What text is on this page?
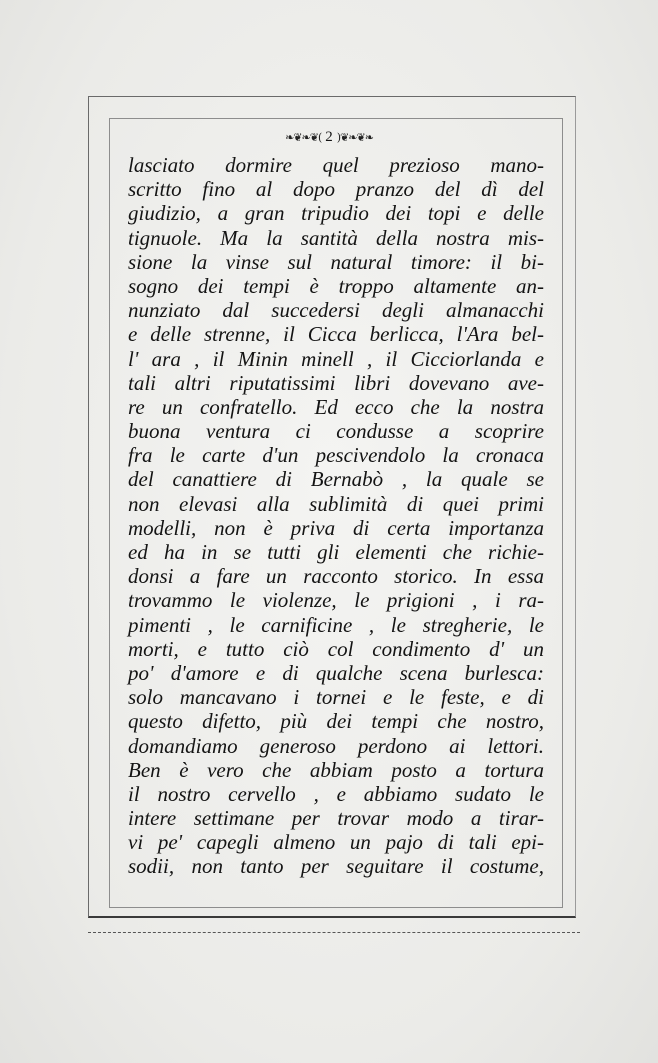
❧❦❧❦( 2 )❦❧❦❧
lasciato dormire quel prezioso mano-
scritto fino al dopo pranzo del dì del
giudizio, a gran tripudio dei topi e delle
tignuole. Ma la santità della nostra mis-
sione la vinse sul natural timore: il bi-
sogno dei tempi è troppo altamente an-
nunziato dal succedersi degli almanacchi
e delle strenne, il Cicca berlicca, l'Ara bel-
l' ara , il Minin minell , il Cicciorlanda e
tali altri riputatissimi libri dovevano ave-
re un confratello. Ed ecco che la nostra
buona ventura ci condusse a scoprire
fra le carte d'un pescivendolo la cronaca
del canattiere di Bernabò , la quale se
non elevasi alla sublimità di quei primi
modelli, non è priva di certa importanza
ed ha in se tutti gli elementi che richie-
donsi a fare un racconto storico. In essa
trovammo le violenze, le prigioni , i ra-
pimenti , le carnificine , le stregherie, le
morti, e tutto ciò col condimento d' un
po' d'amore e di qualche scena burlesca:
solo mancavano i tornei e le feste, e di
questo difetto, più dei tempi che nostro,
domandiamo generoso perdono ai lettori.
Ben è vero che abbiam posto a tortura
il nostro cervello , e abbiamo sudato le
intere settimane per trovar modo a tirar-
vi pe' capegli almeno un pajo di tali epi-
sodii, non tanto per seguitare il costume,
